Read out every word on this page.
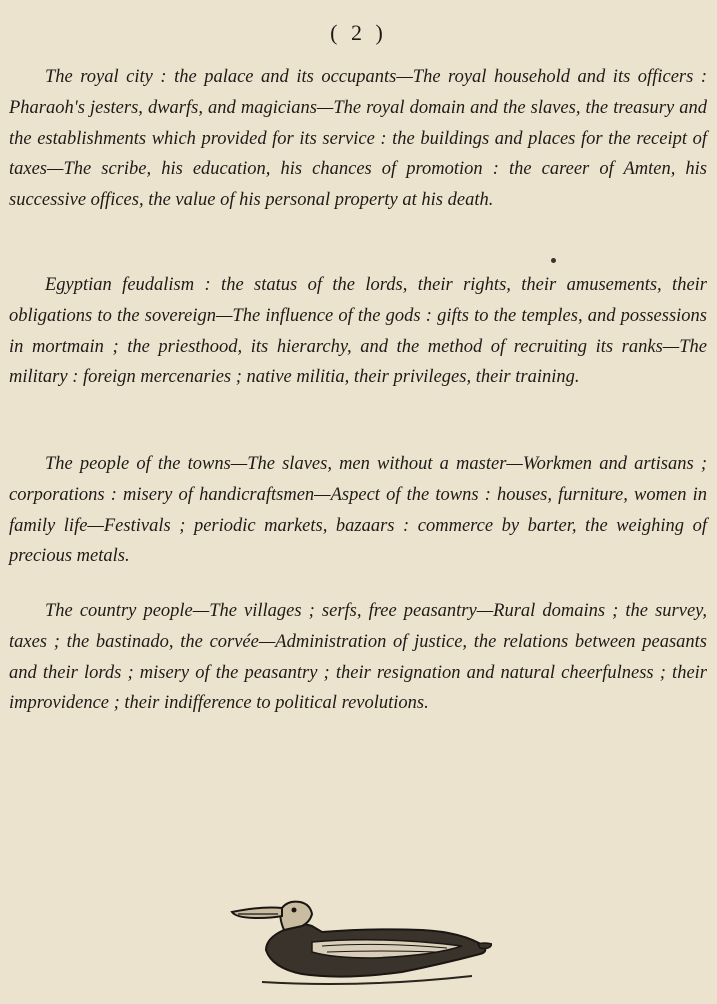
( 2 )

The royal city : the palace and its occupants—The royal household and its officers : Pharaoh's jesters, dwarfs, and magicians—The royal domain and the slaves, the treasury and the establishments which provided for its service : the buildings and places for the receipt of taxes—The scribe, his education, his chances of promotion : the career of Amten, his successive offices, the value of his personal property at his death.

Egyptian feudalism : the status of the lords, their rights, their amusements, their obligations to the sovereign—The influence of the gods : gifts to the temples, and possessions in mortmain ; the priesthood, its hierarchy, and the method of recruiting its ranks—The military : foreign mercenaries ; native militia, their privileges, their training.

The people of the towns—The slaves, men without a master—Workmen and artisans ; corporations : misery of handicraftsmen—Aspect of the towns : houses, furniture, women in family life—Festivals ; periodic markets, bazaars : commerce by barter, the weighing of precious metals.

The country people—The villages ; serfs, free peasantry—Rural domains ; the survey, taxes ; the bastinado, the corvée—Administration of justice, the relations between peasants and their lords ; misery of the peasantry ; their resignation and natural cheerfulness ; their improvidence ; their indifference to political revolutions.
